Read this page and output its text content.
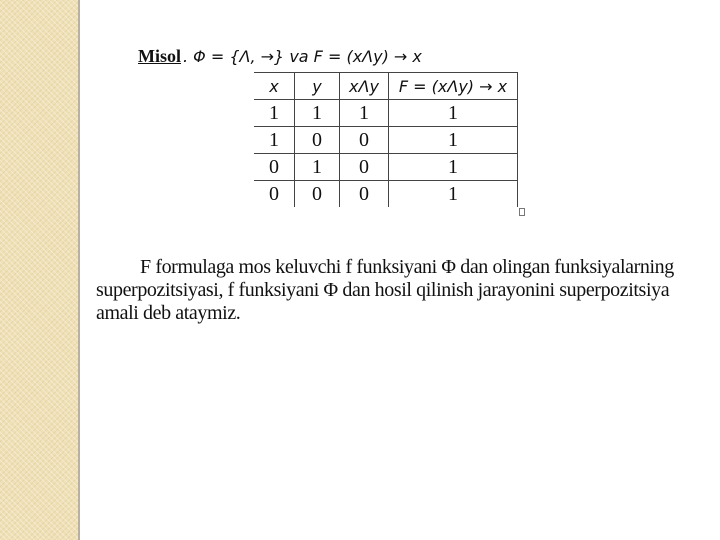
Misol . Φ = {Λ, →} va F = (xΛy) → x
x	y	xΛy	F = (xΛy) → x
1	1	1	1
1	0	0	1
0	1	0	1
0	0	0	1

F formulaga mos keluvchi f funksiyani Φ dan olingan funksiyalarning superpozitsiyasi, f funksiyani Φ dan hosil qilinish jarayonini superpozitsiya amali deb ataymiz.
